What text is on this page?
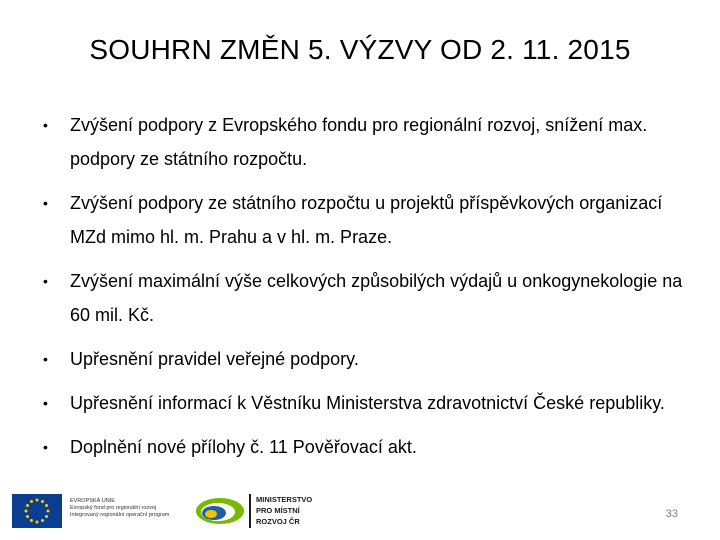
SOUHRN ZMĚN 5. VÝZVY OD 2. 11. 2015
• Zvýšení podpory z Evropského fondu pro regionální rozvoj, snížení max. podpory ze státního rozpočtu.
• Zvýšení podpory ze státního rozpočtu u projektů příspěvkových organizací MZd mimo hl. m. Prahu a v hl. m. Praze.
• Zvýšení maximální výše celkových způsobilých výdajů u onkogynekologie na 60 mil. Kč.
• Upřesnění pravidel veřejné podpory.
• Upřesnění informací k Věstníku Ministerstva zdravotnictví České republiky.
• Doplnění nové přílohy č. 11 Pověřovací akt.
EVROPSKÁ UNIE
Evropský fond pro regionální rozvoj
Integrovaný regionální operační program
MINISTERSTVO
PRO MÍSTNÍ
ROZVOJ ČR
33
